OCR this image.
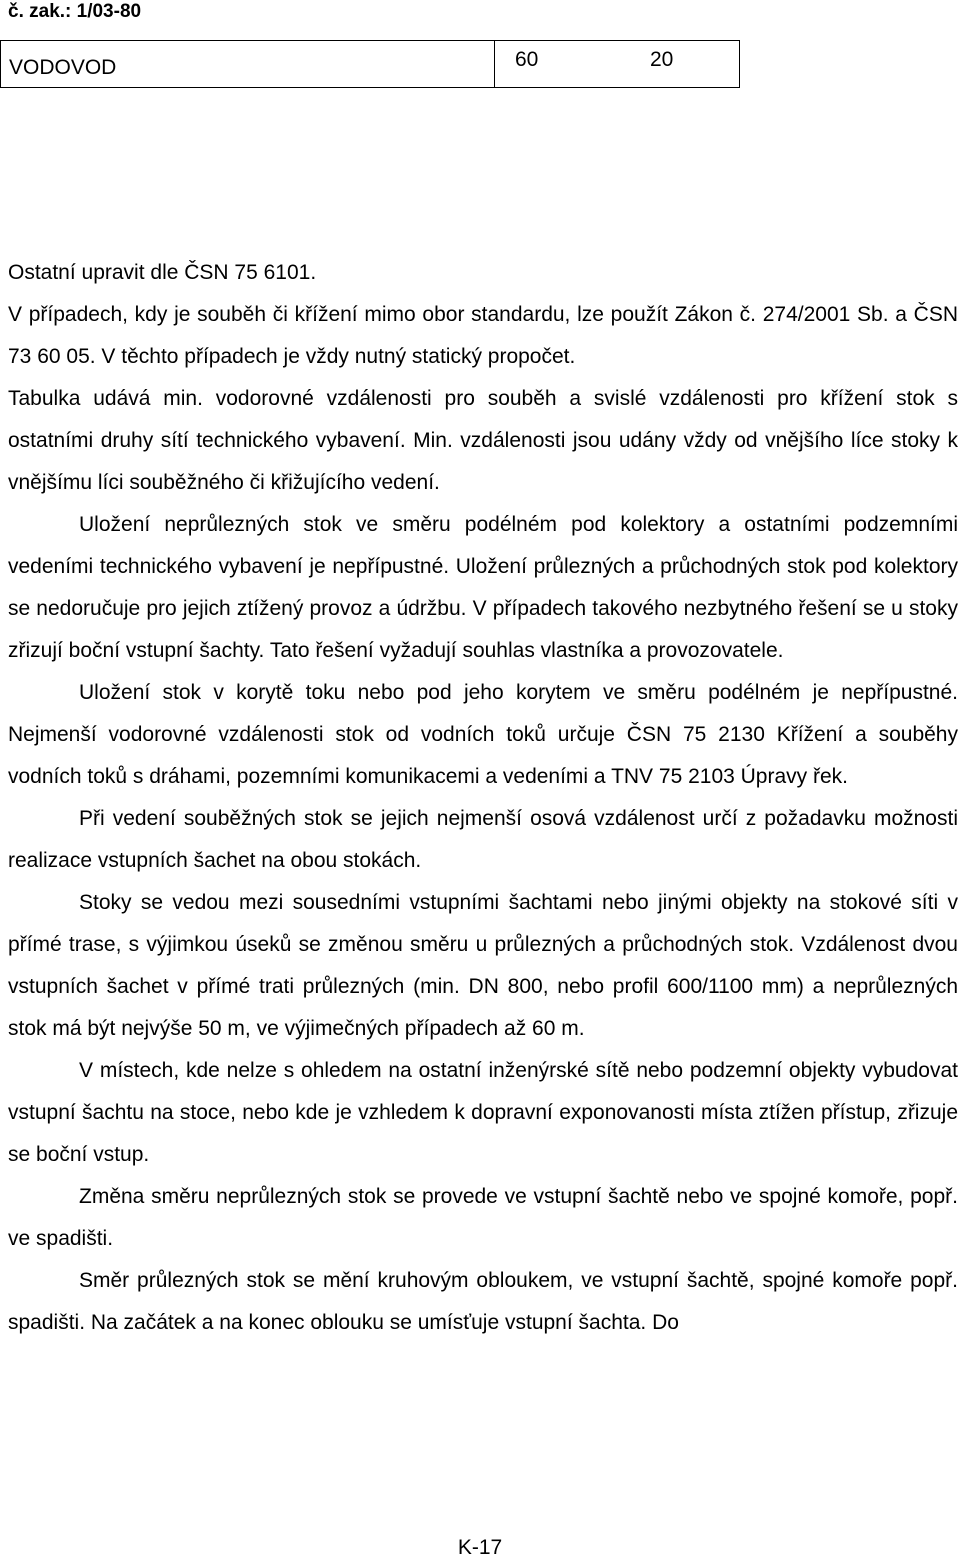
č. zak.: 1/03-80
VODOVOD	60	20

Ostatní upravit dle ČSN 75 6101.

V případech, kdy je souběh či křížení mimo obor standardu, lze použít Zákon č. 274/2001 Sb. a ČSN 73 60 05. V těchto případech je vždy nutný statický propočet.

Tabulka udává min. vodorovné vzdálenosti pro souběh a svislé vzdálenosti pro křížení stok s ostatními druhy sítí technického vybavení. Min. vzdálenosti jsou udány vždy od vnějšího líce stoky k vnějšímu líci souběžného či křižujícího vedení.

Uložení neprůlezných stok ve směru podélném pod kolektory a ostatními podzemními vedeními technického vybavení je nepřípustné. Uložení průlezných a průchodných stok pod kolektory se nedoručuje pro jejich ztížený provoz a údržbu. V případech takového nezbytného řešení se u stoky zřizují boční vstupní šachty. Tato řešení vyžadují souhlas vlastníka a provozovatele.

Uložení stok v korytě toku nebo pod jeho korytem ve směru podélném je nepřípustné. Nejmenší vodorovné vzdálenosti stok od vodních toků určuje ČSN 75 2130 Křížení a souběhy vodních toků s dráhami, pozemními komunikacemi a vedeními a TNV 75 2103 Úpravy řek.

Při vedení souběžných stok se jejich nejmenší osová vzdálenost určí z požadavku možnosti realizace vstupních šachet na obou stokách.

Stoky se vedou mezi sousedními vstupními šachtami nebo jinými objekty na stokové síti v přímé trase, s výjimkou úseků se změnou směru u průlezných a průchodných stok. Vzdálenost dvou vstupních šachet v přímé trati průlezných (min. DN 800, nebo profil 600/1100 mm) a neprůlezných stok má být nejvýše 50 m, ve výjimečných případech až 60 m.

V místech, kde nelze s ohledem na ostatní inženýrské sítě nebo podzemní objekty vybudovat vstupní šachtu na stoce, nebo kde je vzhledem k dopravní exponovanosti místa ztížen přístup, zřizuje se boční vstup.

Změna směru neprůlezných stok se provede ve vstupní šachtě nebo ve spojné komoře, popř. ve spadišti.

Směr průlezných stok se mění kruhovým obloukem, ve vstupní šachtě, spojné komoře popř. spadišti. Na začátek a na konec oblouku se umísťuje vstupní šachta. Do

K-17
